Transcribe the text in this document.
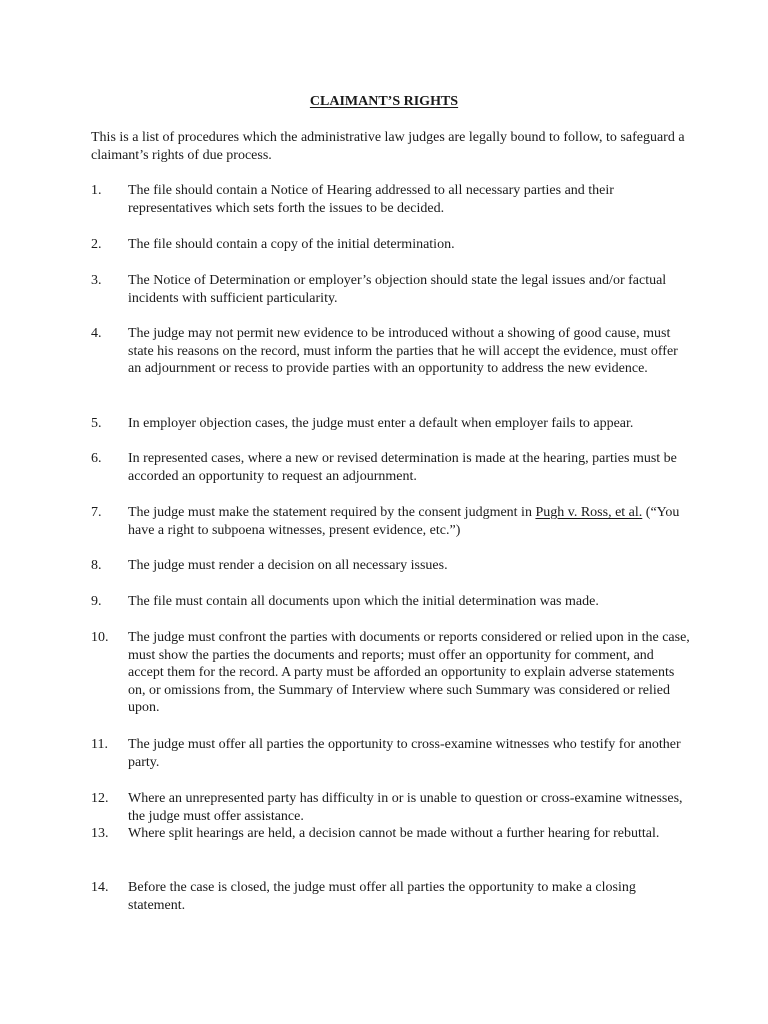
CLAIMANT’S RIGHTS

This is a list of procedures which the administrative law judges are legally bound to follow, to safeguard a claimant’s rights of due process.

1.	The file should contain a Notice of Hearing addressed to all necessary parties and their representatives which sets forth the issues to be decided.
2.	The file should contain a copy of the initial determination.
3.	The Notice of Determination or employer’s objection should state the legal issues and/or factual incidents with sufficient particularity.
4.	The judge may not permit new evidence to be introduced without a showing of good cause, must state his reasons on the record, must inform the parties that he will accept the evidence, must offer an adjournment or recess to provide parties with an opportunity to address the new evidence.
5.	In employer objection cases, the judge must enter a default when employer fails to appear.
6.	In represented cases, where a new or revised determination is made at the hearing, parties must be accorded an opportunity to request an adjournment.
7.	The judge must make the statement required by the consent judgment in Pugh v. Ross, et al. (“You have a right to subpoena witnesses, present evidence, etc.”)
8.	The judge must render a decision on all necessary issues.
9.	The file must contain all documents upon which the initial determination was made.
10.	The judge must confront the parties with documents or reports considered or relied upon in the case, must show the parties the documents and reports; must offer an opportunity for comment, and accept them for the record. A party must be afforded an opportunity to explain adverse statements on, or omissions from, the Summary of Interview where such Summary was considered or relied upon.
11.	The judge must offer all parties the opportunity to cross-examine witnesses who testify for another party.
12.	Where an unrepresented party has difficulty in or is unable to question or cross-examine witnesses, the judge must offer assistance.
13.	Where split hearings are held, a decision cannot be made without a further hearing for rebuttal.
14.	Before the case is closed, the judge must offer all parties the opportunity to make a closing statement.
